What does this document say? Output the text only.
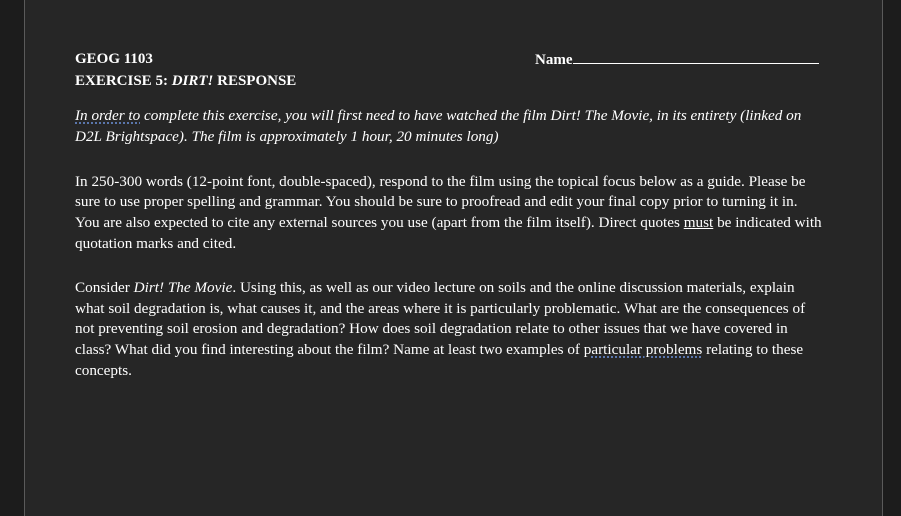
GEOG 1103	Name
EXERCISE 5: DIRT! RESPONSE

In order to complete this exercise, you will first need to have watched the film Dirt! The Movie, in its entirety (linked on D2L Brightspace). The film is approximately 1 hour, 20 minutes long)

In 250-300 words (12-point font, double-spaced), respond to the film using the topical focus below as a guide. Please be sure to use proper spelling and grammar. You should be sure to proofread and edit your final copy prior to turning it in. You are also expected to cite any external sources you use (apart from the film itself). Direct quotes must be indicated with quotation marks and cited.

Consider Dirt! The Movie. Using this, as well as our video lecture on soils and the online discussion materials, explain what soil degradation is, what causes it, and the areas where it is particularly problematic. What are the consequences of not preventing soil erosion and degradation? How does soil degradation relate to other issues that we have covered in class? What did you find interesting about the film? Name at least two examples of particular problems relating to these concepts.
